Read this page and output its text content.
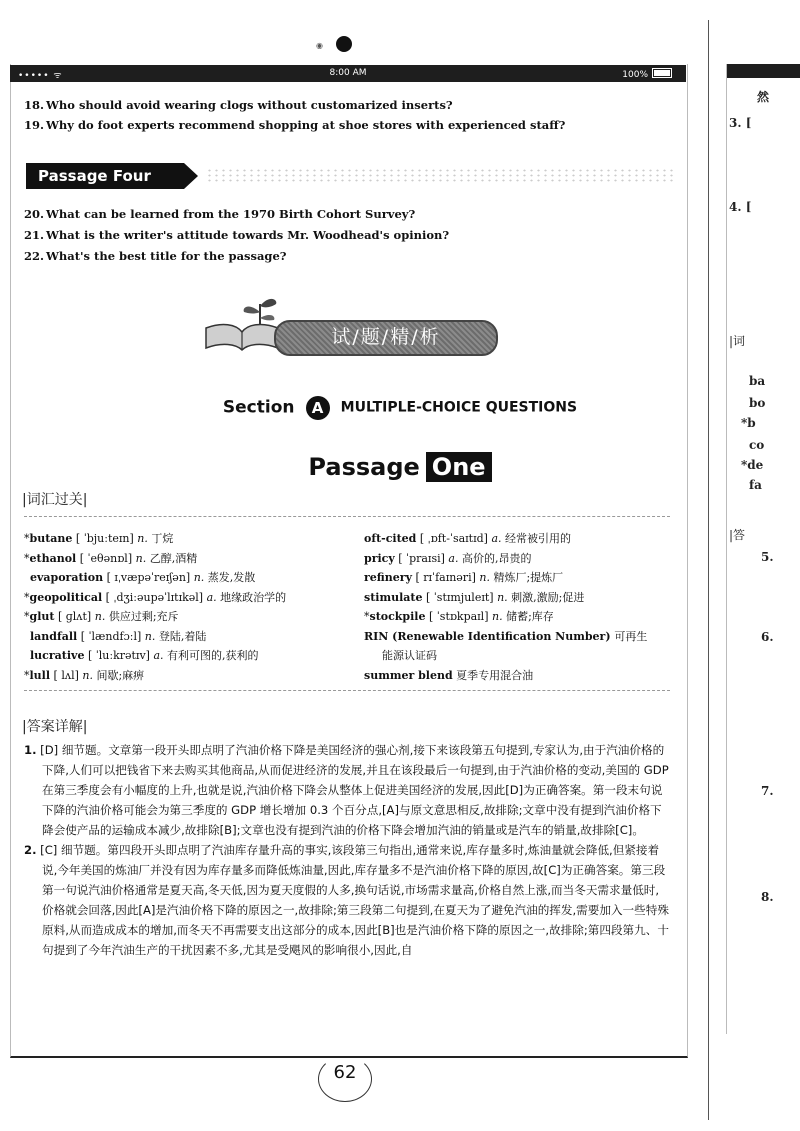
◉
••••• ᯤ	8:00 AM	100%
18. Who should avoid wearing clogs without customarized inserts?
19. Why do foot experts recommend shopping at shoe stores with experienced staff?
Passage Four
20. What can be learned from the 1970 Birth Cohort Survey?
21. What is the writer's attitude towards Mr. Woodhead's opinion?
22. What's the best title for the passage?
试/题/精/析
Section A MULTIPLE-CHOICE QUESTIONS
Passage One
|词汇过关|
*butane [ ˈbjuːteɪn] n. 丁烷
*ethanol [ ˈeθənɒl] n. 乙醇,酒精
evaporation [ ɪˌvæpəˈreɪʃən] n. 蒸发,发散
*geopolitical [ ˌdʒiːəupəˈlɪtɪkəl] a. 地缘政治学的
*glut [ ɡlʌt] n. 供应过剩;充斥
landfall [ ˈlændfɔːl] n. 登陆,着陆
lucrative [ ˈluːkrətɪv] a. 有利可图的,获利的
*lull [ lʌl] n. 间歇;麻痹
oft-cited [ ˌɒft-ˈsaɪtɪd] a. 经常被引用的
pricy [ ˈpraɪsi] a. 高价的,昂贵的
refinery [ rɪˈfaɪnəri] n. 精炼厂;提炼厂
stimulate [ ˈstɪmjuleɪt] n. 刺激,激励;促进
*stockpile [ ˈstɒkpaɪl] n. 储蓄;库存
RIN (Renewable Identification Number) 可再生
能源认证码
summer blend 夏季专用混合油
|答案详解|

1. [D] 细节题。文章第一段开头即点明了汽油价格下降是美国经济的强心剂,接下来该段第五句提到,专家认为,由于汽油价格的下降,人们可以把钱省下来去购买其他商品,从而促进经济的发展,并且在该段最后一句提到,由于汽油价格的变动,美国的 GDP 在第三季度会有小幅度的上升,也就是说,汽油价格下降会从整体上促进美国经济的发展,因此[D]为正确答案。第一段末句说下降的汽油价格可能会为第三季度的 GDP 增长增加 0.3 个百分点,[A]与原文意思相反,故排除;文章中没有提到汽油价格下降会使产品的运输成本减少,故排除[B];文章也没有提到汽油的价格下降会增加汽油的销量或是汽车的销量,故排除[C]。

2. [C] 细节题。第四段开头即点明了汽油库存量升高的事实,该段第三句指出,通常来说,库存量多时,炼油量就会降低,但紧接着说,今年美国的炼油厂并没有因为库存量多而降低炼油量,因此,库存量多不是汽油价格下降的原因,故[C]为正确答案。第三段第一句说汽油价格通常是夏天高,冬天低,因为夏天度假的人多,换句话说,市场需求量高,价格自然上涨,而当冬天需求量低时,价格就会回落,因此[A]是汽油价格下降的原因之一,故排除;第三段第二句提到,在夏天为了避免汽油的挥发,需要加入一些特殊原料,从而造成成本的增加,而冬天不再需要支出这部分的成本,因此[B]也是汽油价格下降的原因之一,故排除;第四段第九、十句提到了今年汽油生产的干扰因素不多,尤其是受飓风的影响很小,因此,自

62
然
3. [
4. [
|词
ba
bo
*b
co
*de
fa
|答
5.
6.
7.
8.
